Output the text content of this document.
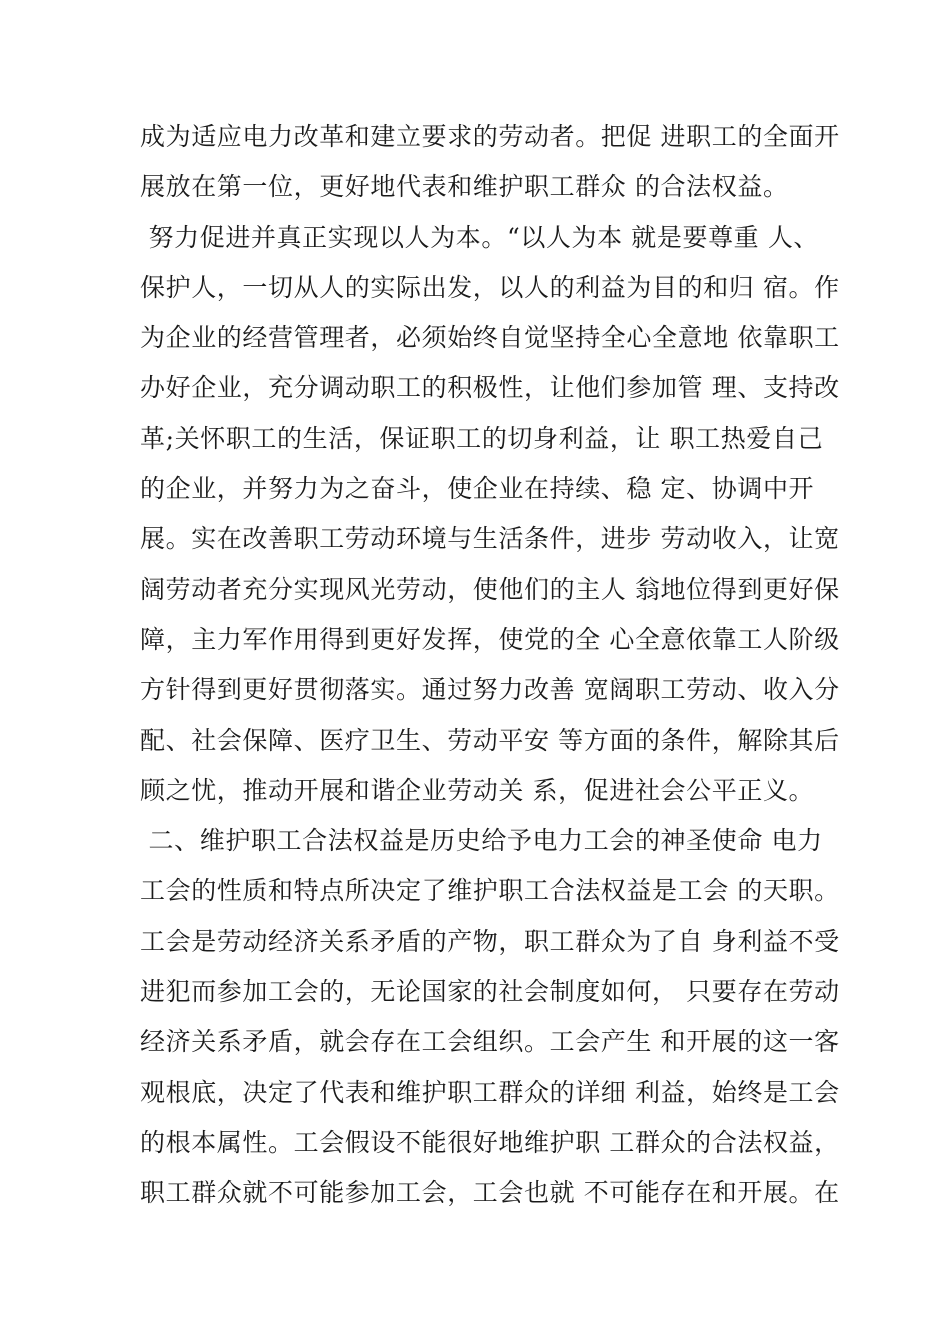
成为适应电力改革和建立要求的劳动者。把促 进职工的全面开
展放在第一位，更好地代表和维护职工群众 的合法权益。
努力促进并真正实现以人为本。“以人为本 就是要尊重 人、
保护人，一切从人的实际出发，以人的利益为目的和归 宿。作
为企业的经营管理者，必须始终自觉坚持全心全意地 依靠职工
办好企业，充分调动职工的积极性，让他们参加管 理、支持改
革;关怀职工的生活，保证职工的切身利益，让 职工热爱自己
的企业，并努力为之奋斗，使企业在持续、稳 定、协调中开
展。实在改善职工劳动环境与生活条件，进步 劳动收入，让宽
阔劳动者充分实现风光劳动，使他们的主人 翁地位得到更好保
障，主力军作用得到更好发挥，使党的全 心全意依靠工人阶级
方针得到更好贯彻落实。通过努力改善 宽阔职工劳动、收入分
配、社会保障、医疗卫生、劳动平安 等方面的条件，解除其后
顾之忧，推动开展和谐企业劳动关 系，促进社会公平正义。
二、维护职工合法权益是历史给予电力工会的神圣使命 电力
工会的性质和特点所决定了维护职工合法权益是工会 的天职。
工会是劳动经济关系矛盾的产物，职工群众为了自 身利益不受
进犯而参加工会的，无论国家的社会制度如何， 只要存在劳动
经济关系矛盾，就会存在工会组织。工会产生 和开展的这一客
观根底，决定了代表和维护职工群众的详细 利益，始终是工会
的根本属性。工会假设不能很好地维护职 工群众的合法权益，
职工群众就不可能参加工会，工会也就 不可能存在和开展。在
